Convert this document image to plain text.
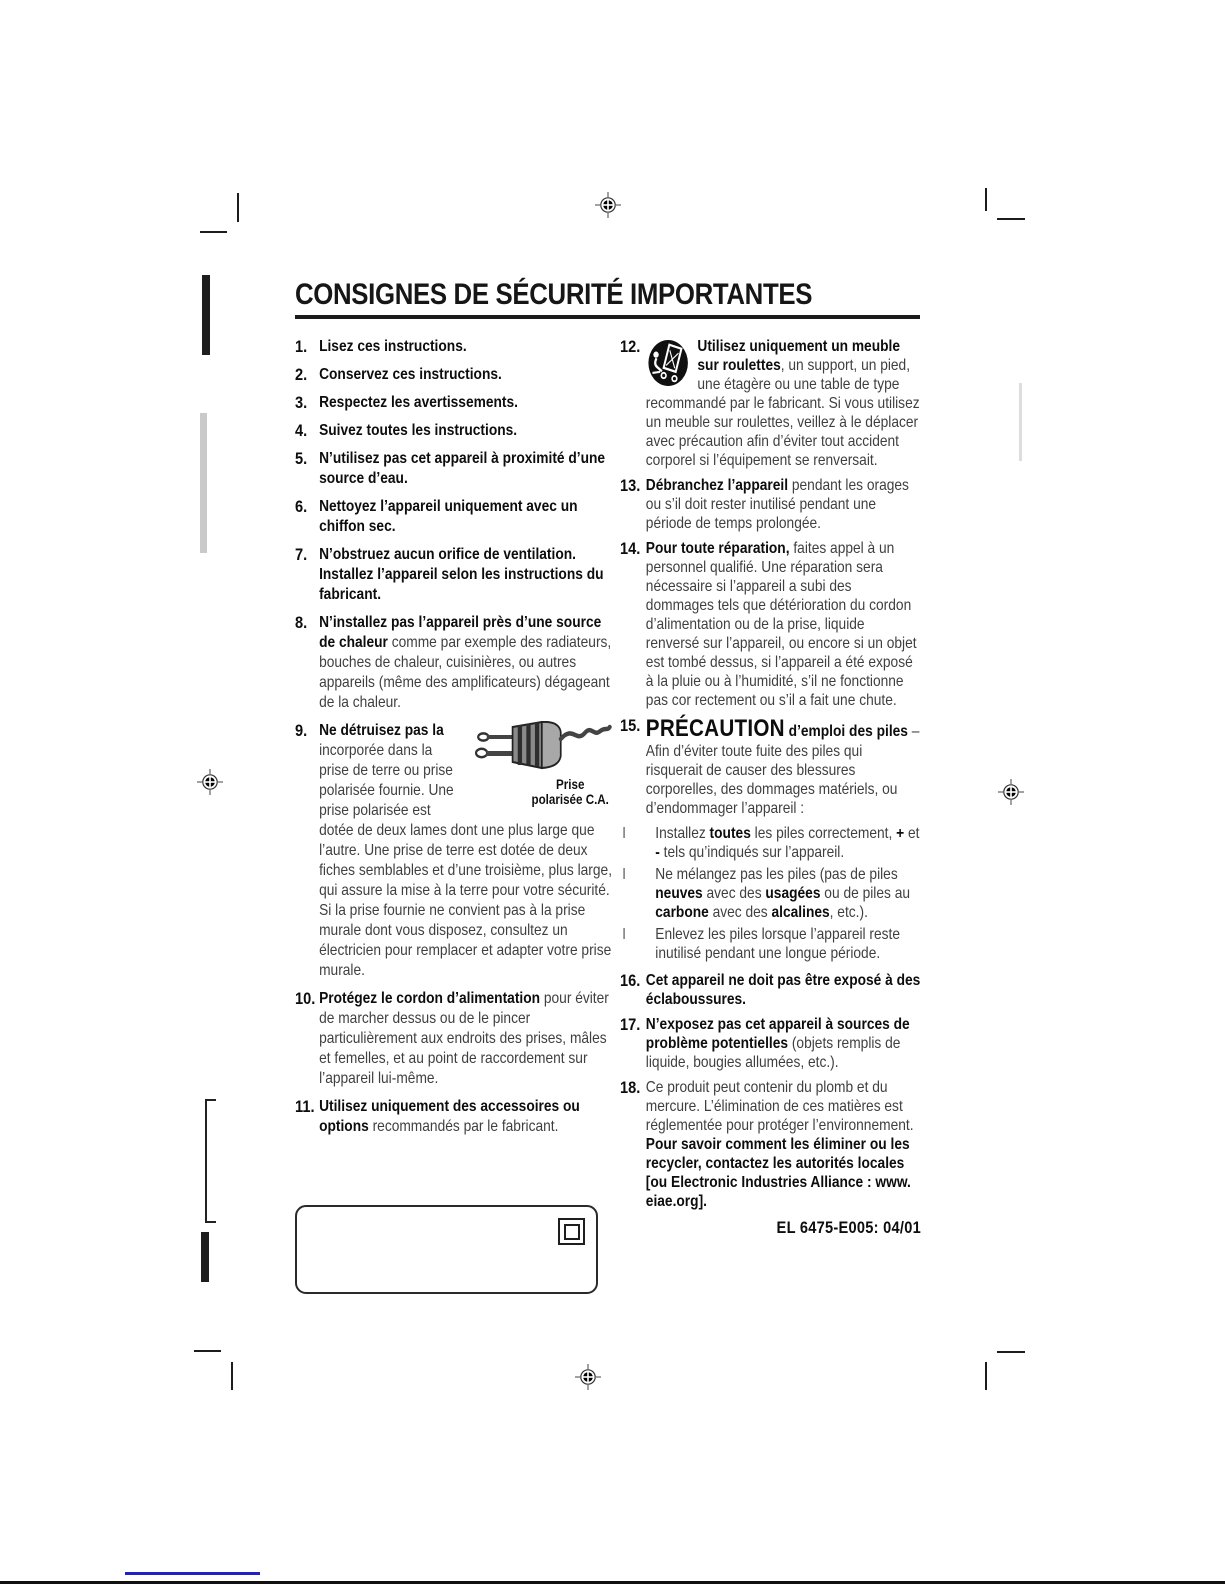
CONSIGNES DE SÉCURITÉ IMPORTANTES
1. Lisez ces instructions.
2. Conservez ces instructions.
3. Respectez les avertissements.
4. Suivez toutes les instructions.
5. N’utilisez pas cet appareil à proximité d’une source d’eau.
6. Nettoyez l’appareil uniquement avec un chiffon sec.
7. N’obstruez aucun orifice de ventilation. Installez l’appareil selon les instructions du fabricant.
8. N’installez pas l’appareil près d’une source de chaleur comme par exemple des radiateurs, bouches de chaleur, cuisinières, ou autres appareils (même des amplificateurs) dégageant de la chaleur.
9.
Prise
polarisée C.A.
Ne détruisez pas la incorporée dans la prise de terre ou prise polarisée fournie. Une prise polarisée est dotée de deux lames dont une plus large que l’autre. Une prise de terre est dotée de deux fiches semblables et d’une troisième, plus large, qui assure la mise à la terre pour votre sécurité. Si la prise fournie ne convient pas à la prise murale dont vous disposez, consultez un électricien pour remplacer et adapter votre prise murale.
10. Protégez le cordon d’alimentation pour éviter de marcher dessus ou de le pincer particulièrement aux endroits des prises, mâles et femelles, et au point de raccordement sur l’appareil lui-même.
11. Utilisez uniquement des accessoires ou options recommandés par le fabricant.
12.	Utilisez uniquement un meuble sur roulettes, un support, un pied, une étagère ou une table de type recommandé par le fabricant. Si vous utilisez un meuble sur roulettes, veillez à le déplacer avec précaution afin d’éviter tout accident corporel si l’équipement se renversait.
13. Débranchez l’appareil pendant les orages ou s’il doit rester inutilisé pendant une période de temps prolongée.
14. Pour toute réparation, faites appel à un personnel qualifié. Une réparation sera nécessaire si l’appareil a subi des dommages tels que détérioration du cordon d’alimentation ou de la prise, liquide renversé sur l’appareil, ou encore si un objet est tombé dessus, si l’appareil a été exposé à la pluie ou à l’humidité, s’il ne fonctionne pas cor rectement ou s’il a fait une chute.
15. PRÉCAUTION d’emploi des piles – Afin d’éviter toute fuite des piles qui risquerait de causer des blessures corporelles, des dommages matériels, ou d’endommager l’appareil :
l	Installez toutes les piles correctement, + et - tels qu’indiqués sur l’appareil.
l	Ne mélangez pas les piles (pas de piles neuves avec des usagées ou de piles au carbone avec des alcalines, etc.).
l	Enlevez les piles lorsque l’appareil reste inutilisé pendant une longue période.
16. Cet appareil ne doit pas être exposé à des éclaboussures.
17. N’exposez pas cet appareil à sources de problème potentielles (objets remplis de liquide, bougies allumées, etc.).
18. Ce produit peut contenir du plomb et du mercure. L’élimination de ces matières est réglementée pour protéger l’environnement. Pour savoir comment les éliminer ou les recycler, contactez les autorités locales [ou Electronic Industries Alliance : www. eiae.org].
EL 6475-E005: 04/01
